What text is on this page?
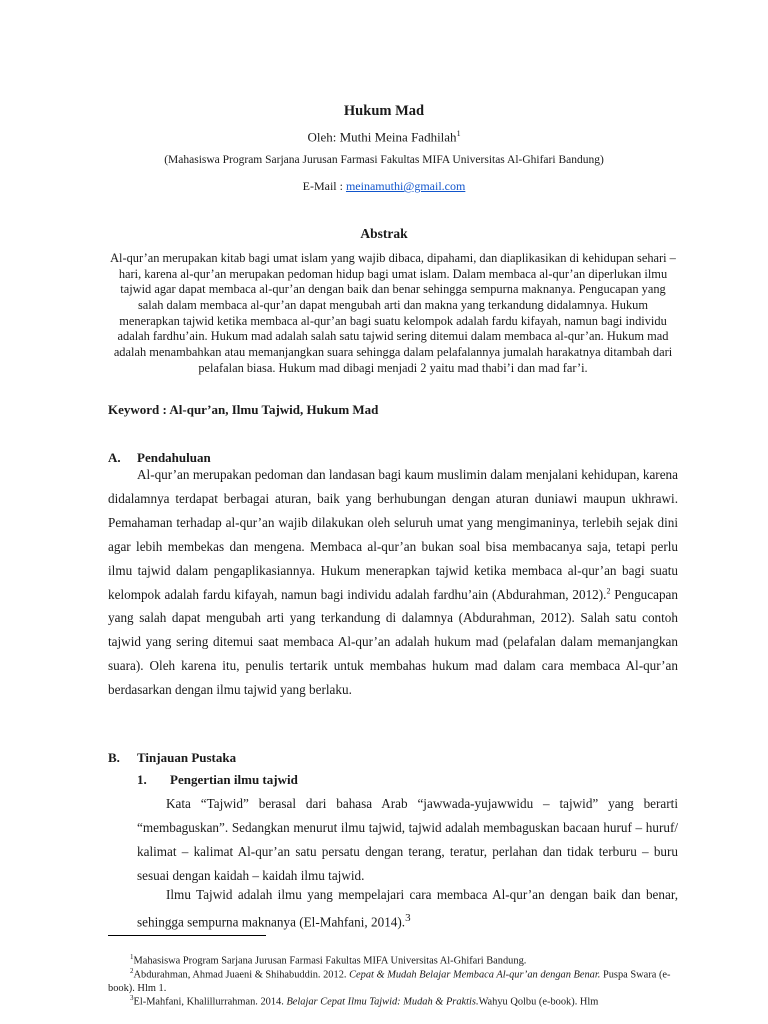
Hukum Mad
Oleh: Muthi Meina Fadhilah$^1$
(Mahasiswa Program Sarjana Jurusan Farmasi Fakultas MIFA Universitas Al-Ghifari Bandung)
E-Mail : meinamuthi@gmail.com
Abstrak
Al-qur’an merupakan kitab bagi umat islam yang wajib dibaca, dipahami, dan diaplikasikan di kehidupan sehari – hari, karena al-qur’an merupakan pedoman hidup bagi umat islam. Dalam membaca al-qur’an diperlukan ilmu tajwid agar dapat membaca al-qur’an dengan baik dan benar sehingga sempurna maknanya. Pengucapan yang salah dalam membaca al-qur’an dapat mengubah arti dan makna yang terkandung didalamnya. Hukum menerapkan tajwid ketika membaca al-qur’an bagi suatu kelompok adalah fardu kifayah, namun bagi individu adalah fardhu’ain. Hukum mad adalah salah satu tajwid sering ditemui dalam membaca al-qur’an. Hukum mad adalah menambahkan atau memanjangkan suara sehingga dalam pelafalannya jumalah harakatnya ditambah dari pelafalan biasa. Hukum mad dibagi menjadi 2 yaitu mad thabi’i dan mad far’i.
Keyword : Al-qur’an, Ilmu Tajwid, Hukum Mad
A. Pendahuluan
Al-qur’an merupakan pedoman dan landasan bagi kaum muslimin dalam menjalani kehidupan, karena didalamnya terdapat berbagai aturan, baik yang berhubungan dengan aturan duniawi maupun ukhrawi. Pemahaman terhadap al-qur’an wajib dilakukan oleh seluruh umat yang mengimaninya, terlebih sejak dini agar lebih membekas dan mengena. Membaca al-qur’an bukan soal bisa membacanya saja, tetapi perlu ilmu tajwid dalam pengaplikasiannya. Hukum menerapkan tajwid ketika membaca al-qur’an bagi suatu kelompok adalah fardu kifayah, namun bagi individu adalah fardhu’ain (Abdurahman, 2012).$^2$ Pengucapan yang salah dapat mengubah arti yang terkandung di dalamnya (Abdurahman, 2012). Salah satu contoh tajwid yang sering ditemui saat membaca Al-qur’an adalah hukum mad (pelafalan dalam memanjangkan suara). Oleh karena itu, penulis tertarik untuk membahas hukum mad dalam cara membaca Al-qur’an berdasarkan dengan ilmu tajwid yang berlaku.
B. Tinjauan Pustaka
1. Pengertian ilmu tajwid
Kata “Tajwid” berasal dari bahasa Arab “jawwada-yujawwidu – tajwid” yang berarti “membaguskan”. Sedangkan menurut ilmu tajwid, tajwid adalah membaguskan bacaan huruf – huruf/ kalimat – kalimat Al-qur’an satu persatu dengan terang, teratur, perlahan dan tidak terburu – buru sesuai dengan kaidah – kaidah ilmu tajwid.
Ilmu Tajwid adalah ilmu yang mempelajari cara membaca Al-qur’an dengan baik dan benar, sehingga sempurna maknanya (El-Mahfani, 2014).$^3$
$^1$Mahasiswa Program Sarjana Jurusan Farmasi Fakultas MIFA Universitas Al-Ghifari Bandung.
$^2$Abdurahman, Ahmad Juaeni & Shihabuddin. 2012. Cepat & Mudah Belajar Membaca Al-qur’an dengan Benar. Puspa Swara (e-book). Hlm 1.
$^3$El-Mahfani, Khalillurrahman. 2014. Belajar Cepat Ilmu Tajwid: Mudah & Praktis.Wahyu Qolbu (e-book). Hlm
